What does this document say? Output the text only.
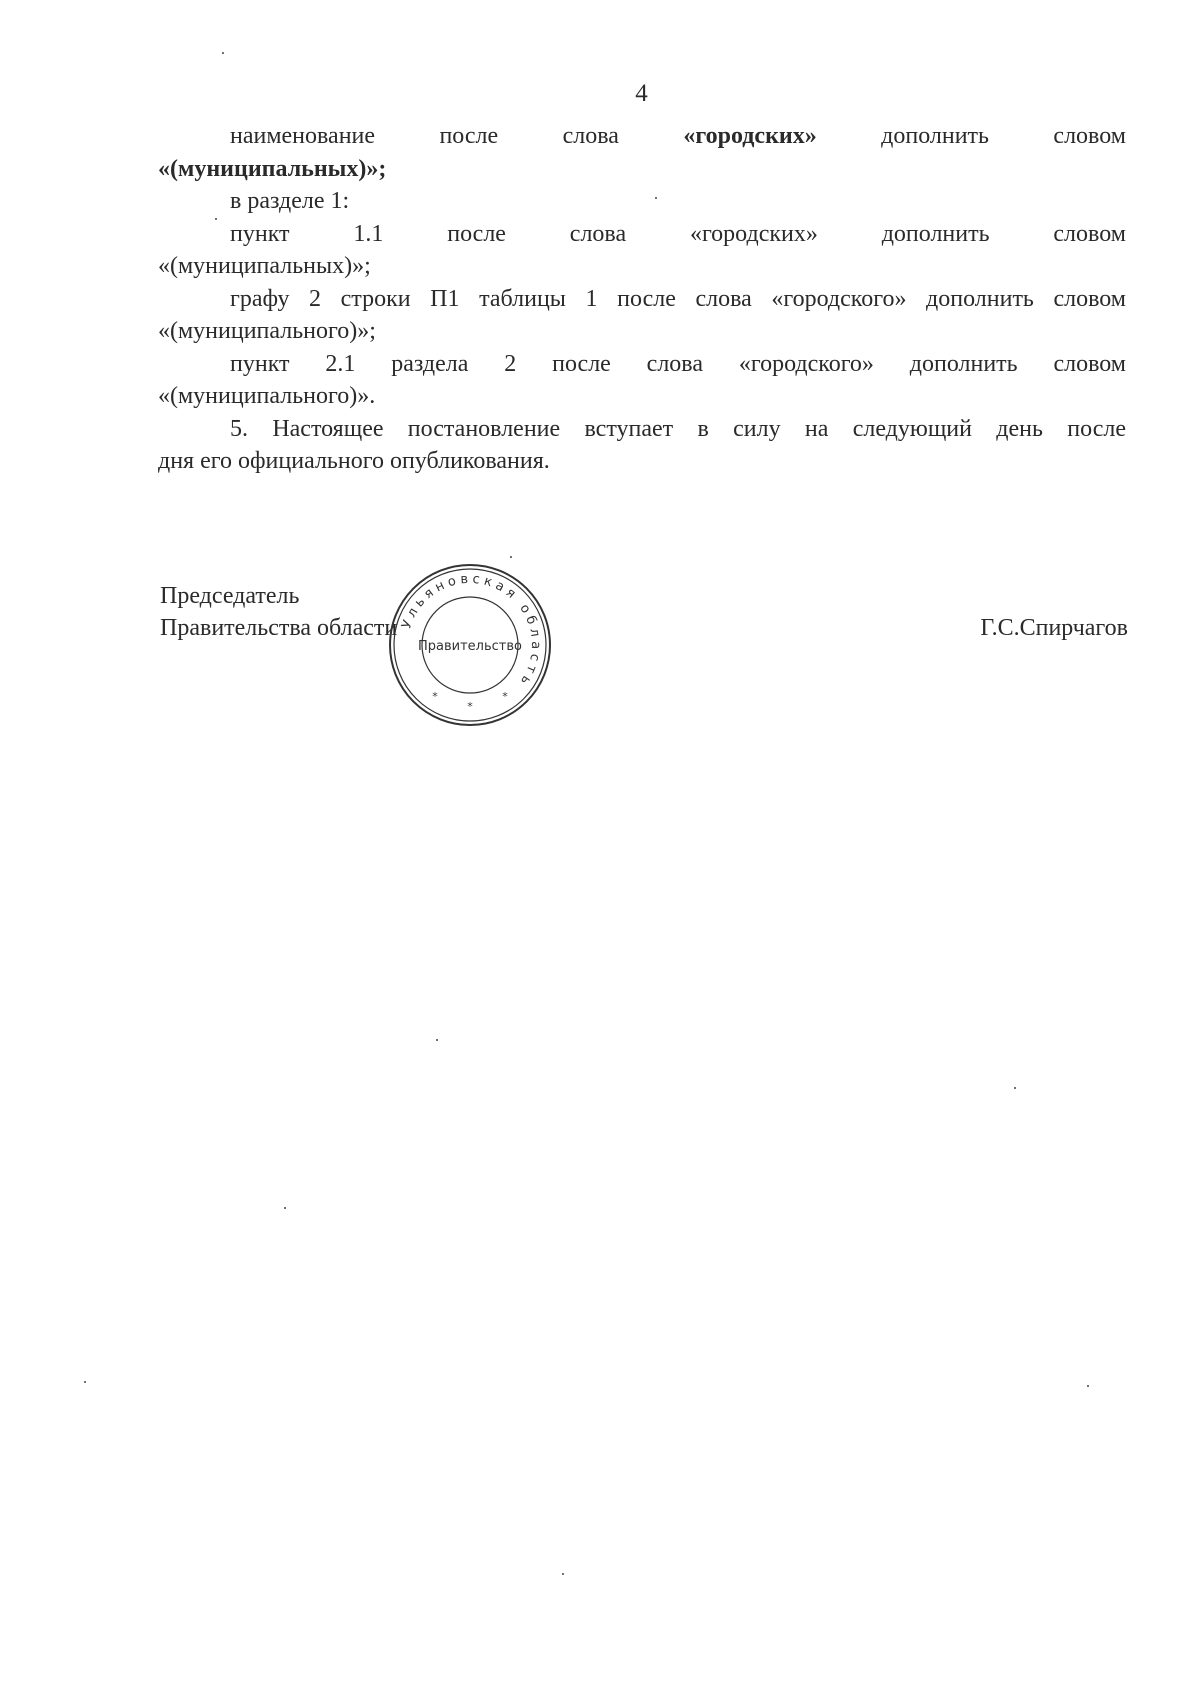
4

наименование	после	слова	«городских»	дополнить	словом

«(муниципальных)»;

в разделе 1:

пункт	1.1	после	слова	«городских»	дополнить	словом

«(муниципальных)»;

графу 2 строки П1 таблицы 1 после слова «городского» дополнить словом

«(муниципального)»;

пункт 2.1 раздела 2 после слова «городского» дополнить словом

«(муниципального)».

5. Настоящее постановление вступает в силу на следующий день после

дня его официального опубликования.

Председатель
Правительства области	Г.С.Спирчагов
Ульяновская область
Правительство
*
*	*
